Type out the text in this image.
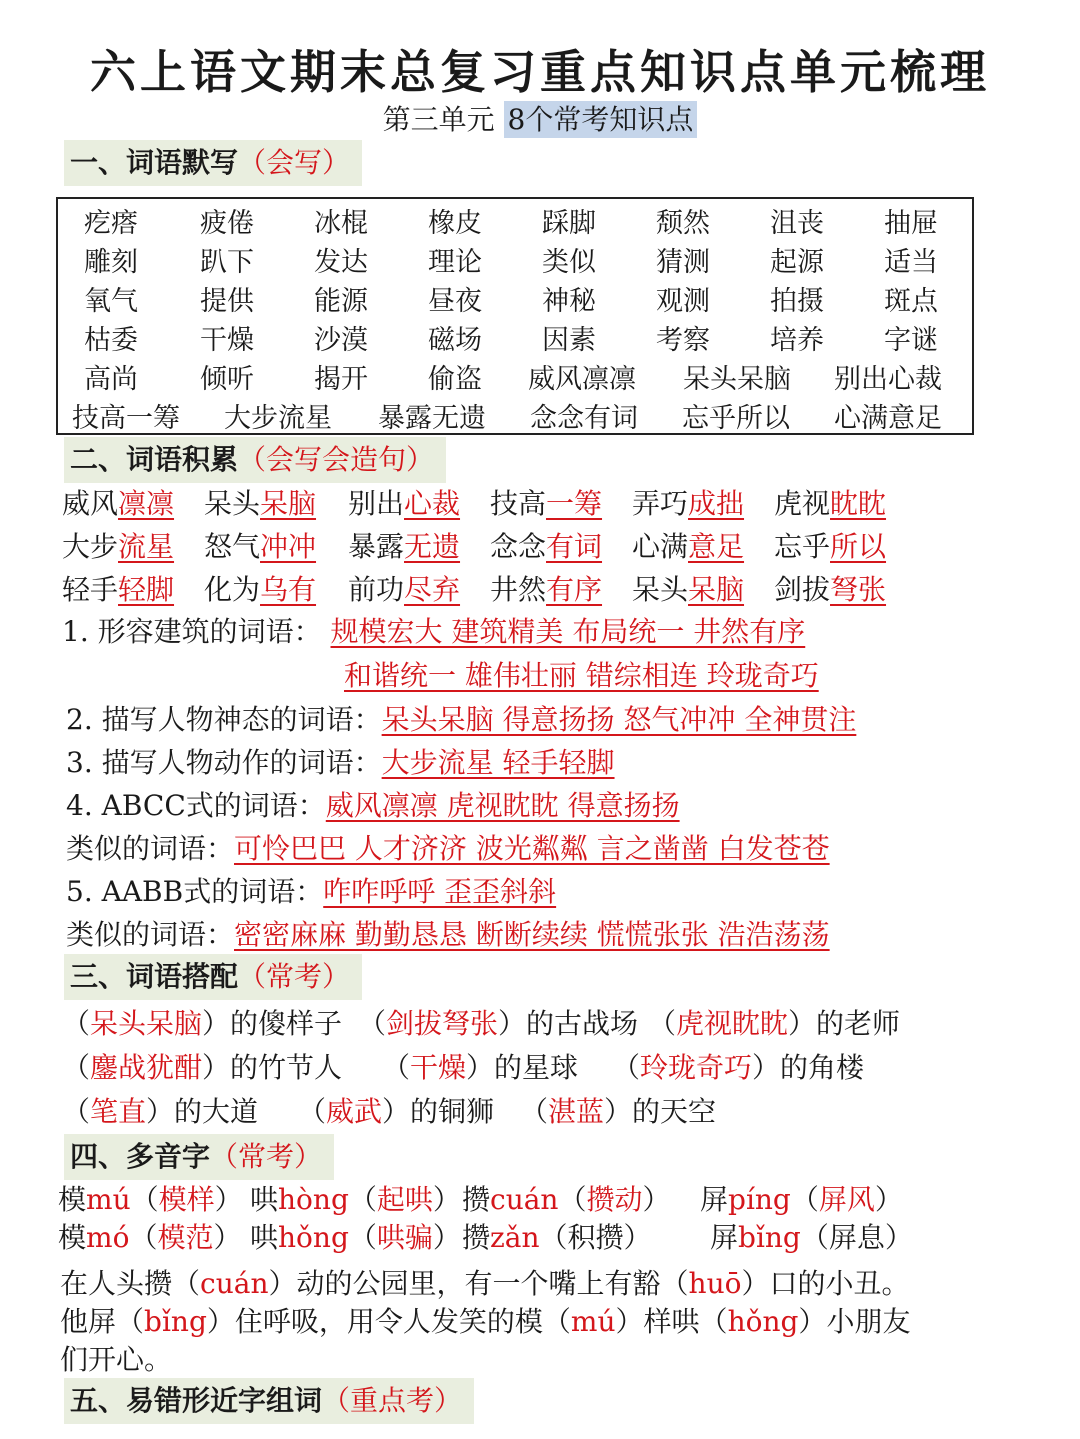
六上语文期末总复习重点知识点单元梳理
第三单元 8个常考知识点
一、词语默写（会写）
疙瘩 疲倦 冰棍 橡皮 踩脚 颓然 沮丧 抽屉
雕刻 趴下 发达 理论 类似 猜测 起源 适当
氧气 提供 能源 昼夜 神秘 观测 拍摄 斑点
枯委 干燥 沙漠 磁场 因素 考察 培养 字谜
高尚 倾听 揭开 偷盗 威风凛凛 呆头呆脑 别出心裁
技高一筹 大步流星 暴露无遗 念念有词 忘乎所以 心满意足
二、词语积累（会写会造句）
威风凛凛 呆头呆脑 别出心裁 技高一筹 弄巧成拙 虎视眈眈
大步流星 怒气冲冲 暴露无遗 念念有词 心满意足 忘乎所以
轻手轻脚 化为乌有 前功尽弃 井然有序 呆头呆脑 剑拔弩张
1. 形容建筑的词语： 规模宏大 建筑精美 布局统一 井然有序
和谐统一 雄伟壮丽 错综相连 玲珑奇巧
2. 描写人物神态的词语：呆头呆脑 得意扬扬 怒气冲冲 全神贯注
3. 描写人物动作的词语：大步流星 轻手轻脚
4. ABCC式的词语：威风凛凛 虎视眈眈 得意扬扬
类似的词语：可怜巴巴 人才济济 波光粼粼 言之凿凿 白发苍苍
5. AABB式的词语：咋咋呼呼 歪歪斜斜
类似的词语：密密麻麻 勤勤恳恳 断断续续 慌慌张张 浩浩荡荡
三、词语搭配（常考）
（呆头呆脑）的傻样子 （剑拔弩张）的古战场 （虎视眈眈）的老师
（鏖战犹酣）的竹节人 （干燥）的星球 （玲珑奇巧）的角楼
（笔直）的大道 （威武）的铜狮 （湛蓝）的天空
四、多音字（常考）
模mú（模样） 哄hòng（起哄） 攒cuán（攒动） 屏píng（屏风）
模mó（模范） 哄hǒng（哄骗） 攒zǎn（积攒） 屏bǐng（屏息）
在人头攒（cuán）动的公园里，有一个嘴上有豁（huō）口的小丑。
他屏（bǐng）住呼吸，用令人发笑的模（mú）样哄（hǒng）小朋友
们开心。
五、易错形近字组词（重点考）
